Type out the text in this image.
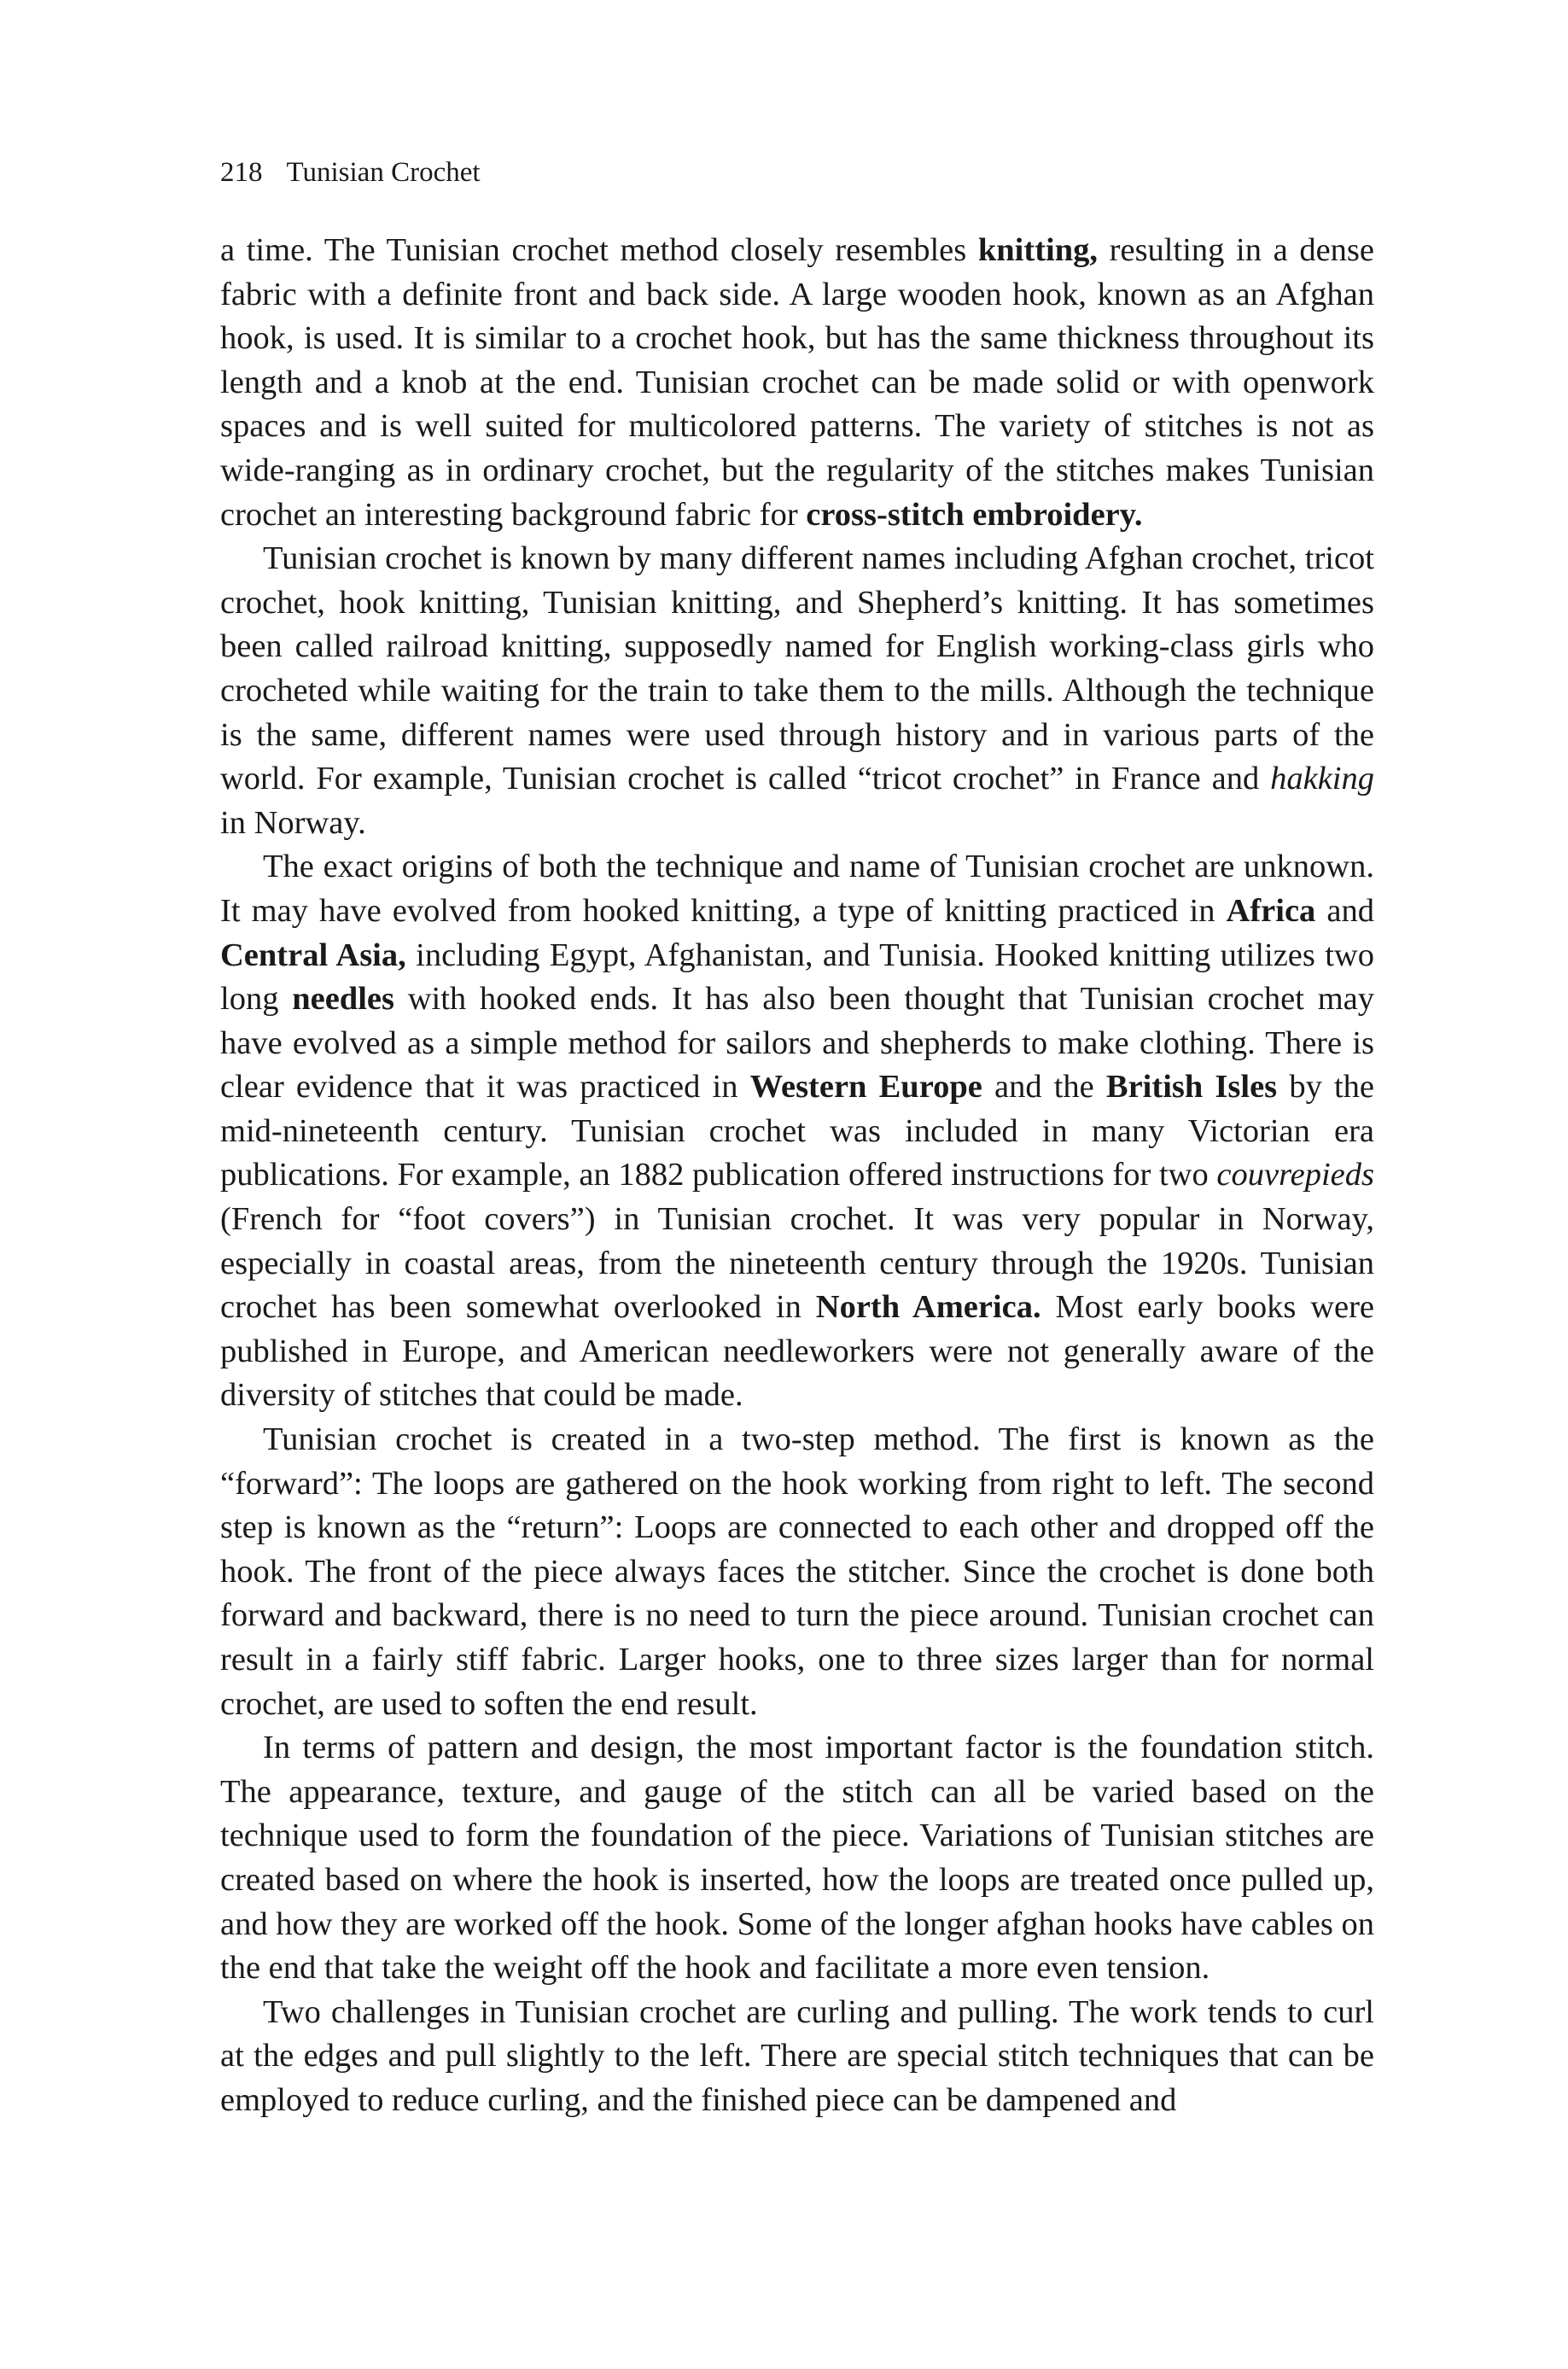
218 Tunisian Crochet

a time. The Tunisian crochet method closely resembles knitting, resulting in a dense fabric with a definite front and back side. A large wooden hook, known as an Afghan hook, is used. It is similar to a crochet hook, but has the same thickness throughout its length and a knob at the end. Tunisian crochet can be made solid or with openwork spaces and is well suited for multicolored patterns. The variety of stitches is not as wide-ranging as in ordinary crochet, but the regularity of the stitches makes Tunisian crochet an interesting background fabric for cross-stitch embroidery.

Tunisian crochet is known by many different names including Afghan crochet, tricot crochet, hook knitting, Tunisian knitting, and Shepherd’s knitting. It has sometimes been called railroad knitting, supposedly named for English working-class girls who crocheted while waiting for the train to take them to the mills. Although the technique is the same, different names were used through history and in various parts of the world. For example, Tunisian crochet is called “tricot crochet” in France and hakking in Norway.

The exact origins of both the technique and name of Tunisian crochet are unknown. It may have evolved from hooked knitting, a type of knitting practiced in Africa and Central Asia, including Egypt, Afghanistan, and Tunisia. Hooked knitting utilizes two long needles with hooked ends. It has also been thought that Tunisian crochet may have evolved as a simple method for sailors and shepherds to make clothing. There is clear evidence that it was practiced in Western Europe and the British Isles by the mid-nineteenth century. Tunisian crochet was included in many Victorian era publications. For example, an 1882 publication offered instructions for two couvrepieds (French for “foot covers”) in Tunisian crochet. It was very popular in Norway, especially in coastal areas, from the nineteenth century through the 1920s. Tunisian crochet has been somewhat overlooked in North America. Most early books were published in Europe, and American needleworkers were not generally aware of the diversity of stitches that could be made.

Tunisian crochet is created in a two-step method. The first is known as the “forward”: The loops are gathered on the hook working from right to left. The second step is known as the “return”: Loops are connected to each other and dropped off the hook. The front of the piece always faces the stitcher. Since the crochet is done both forward and backward, there is no need to turn the piece around. Tunisian crochet can result in a fairly stiff fabric. Larger hooks, one to three sizes larger than for normal crochet, are used to soften the end result.

In terms of pattern and design, the most important factor is the foundation stitch. The appearance, texture, and gauge of the stitch can all be varied based on the technique used to form the foundation of the piece. Variations of Tunisian stitches are created based on where the hook is inserted, how the loops are treated once pulled up, and how they are worked off the hook. Some of the longer afghan hooks have cables on the end that take the weight off the hook and facilitate a more even tension.

Two challenges in Tunisian crochet are curling and pulling. The work tends to curl at the edges and pull slightly to the left. There are special stitch techniques that can be employed to reduce curling, and the finished piece can be dampened and
